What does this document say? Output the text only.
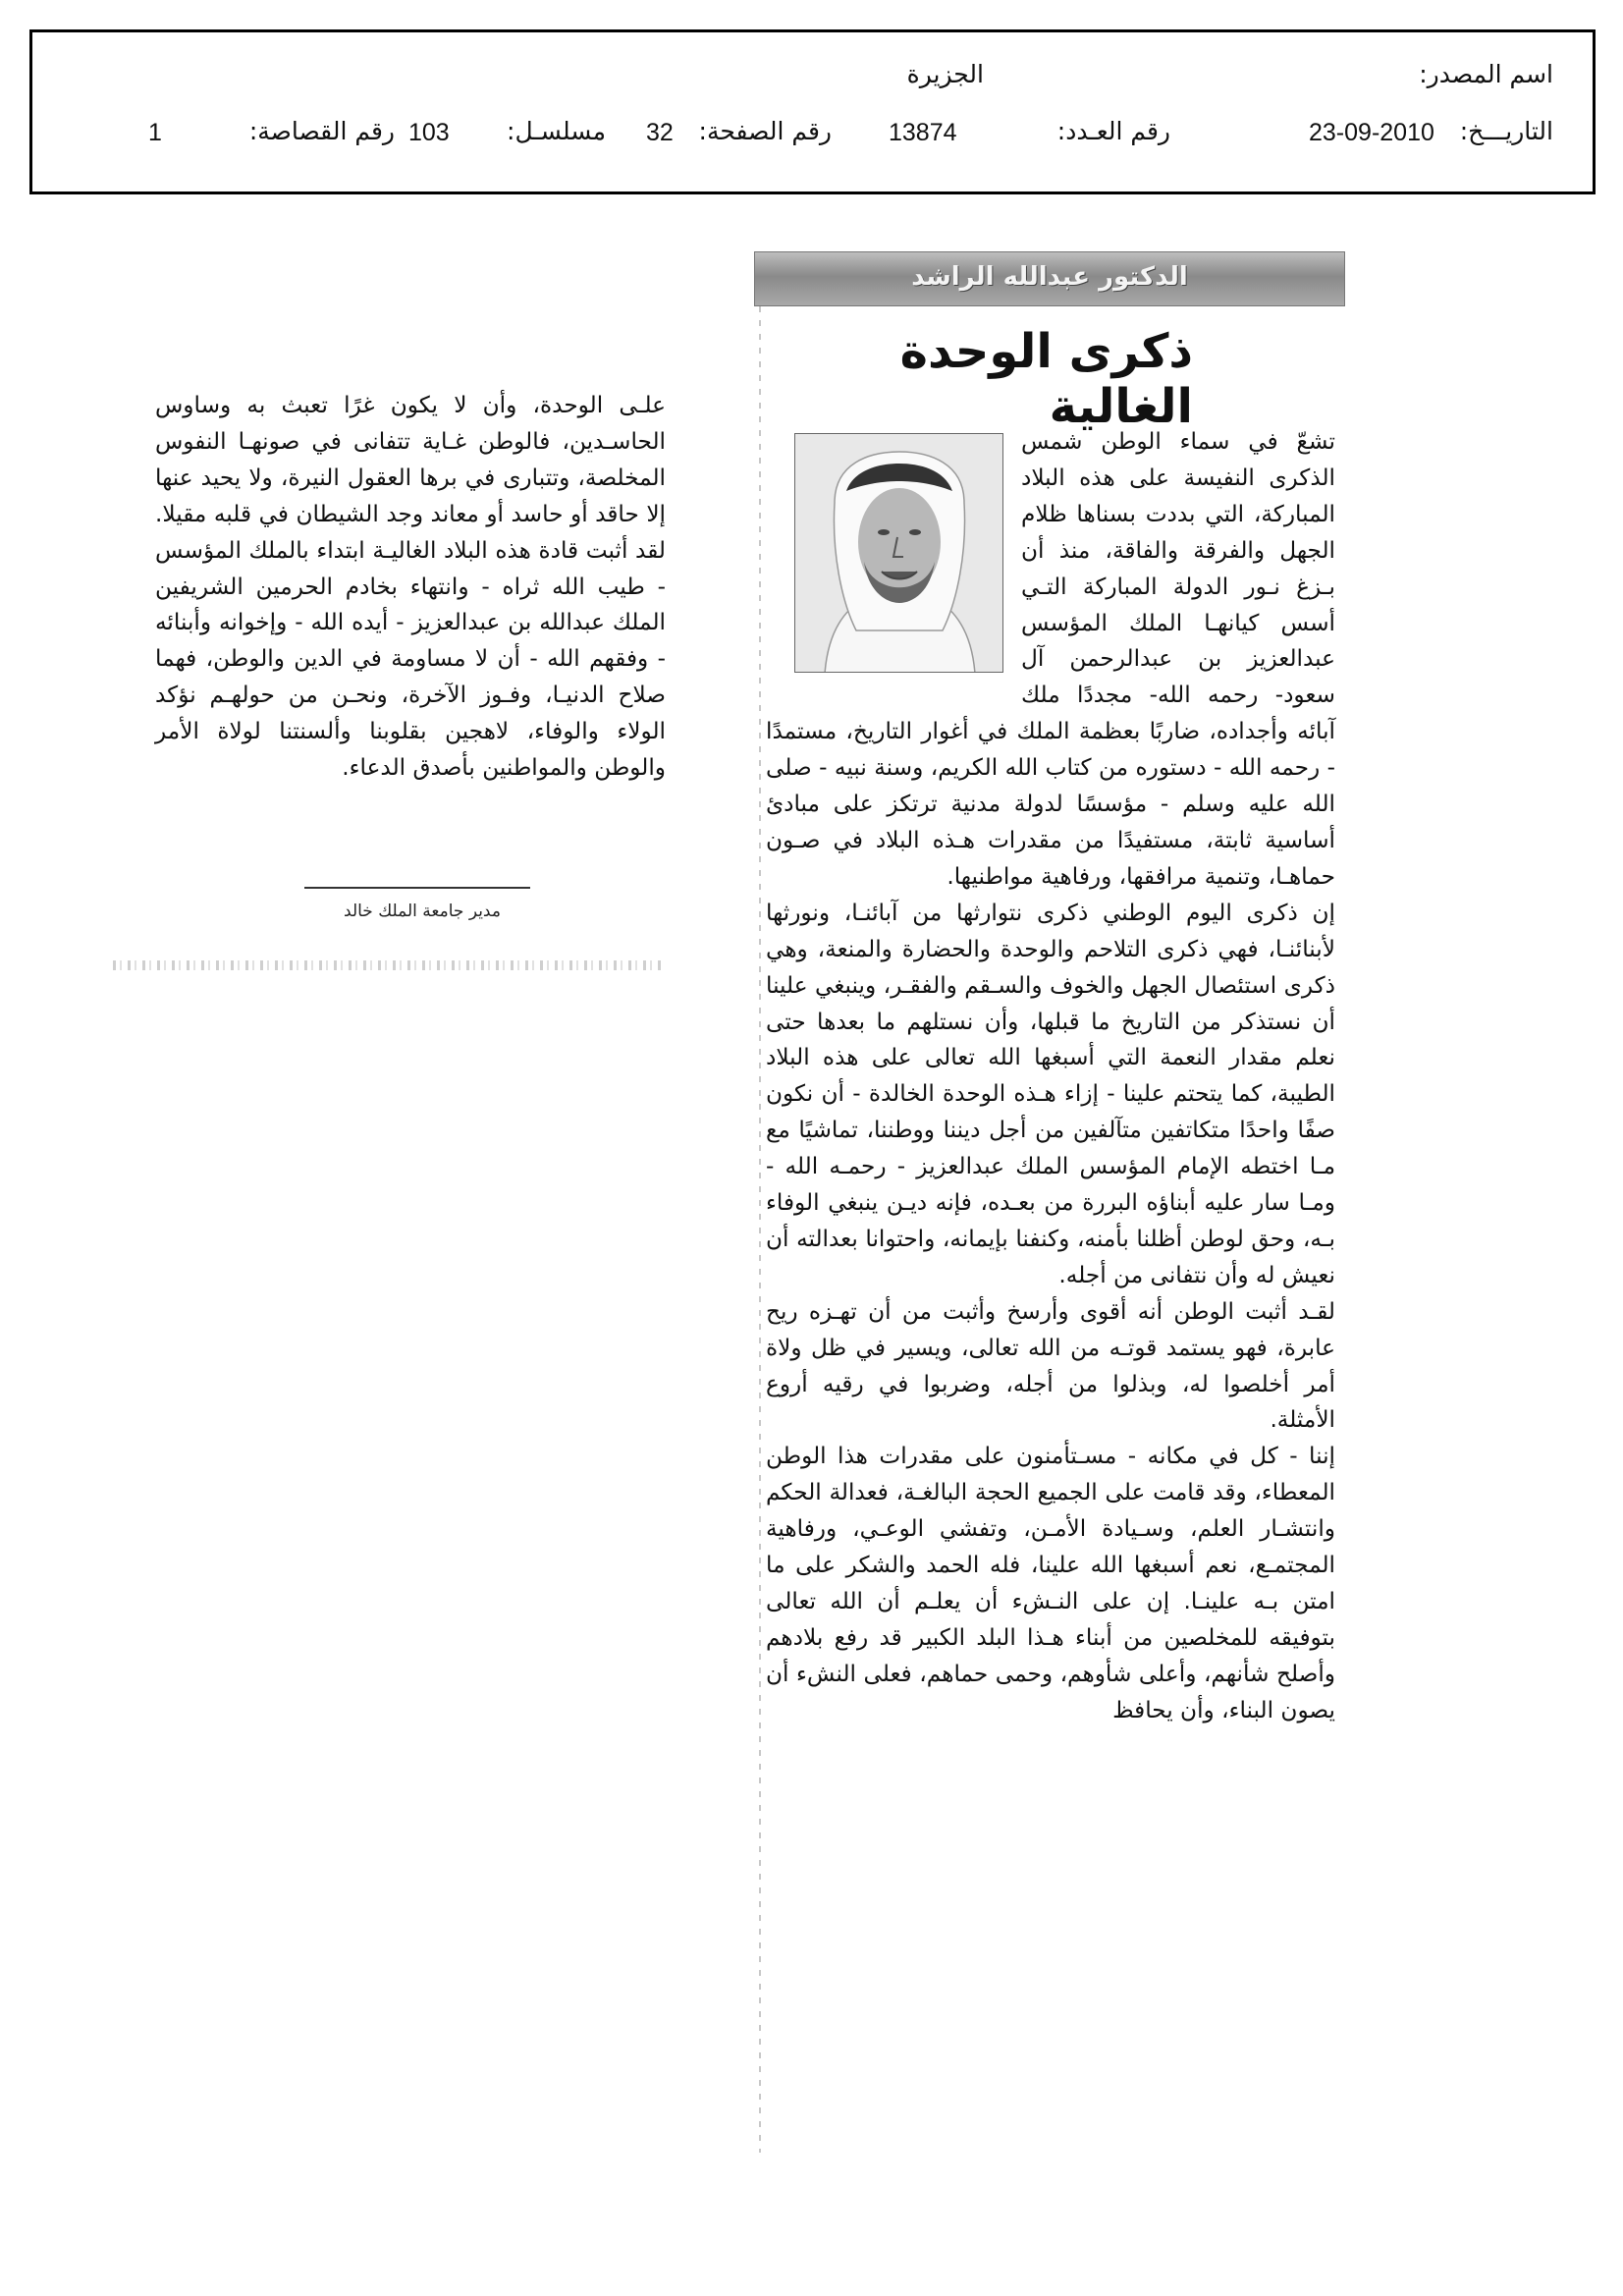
اسم المصدر:
الجزيرة
التاريـــخ:
23-09-2010
رقم العـدد:
13874
رقم الصفحة:
32
مسلسـل:
103
رقم القصاصة:
1
الدكتور عبدالله الراشد
ذكرى الوحدة الغالية

تشعّ في سماء الوطن شمس الذكرى النفيسة على هذه البلاد المباركة، التي بددت بسناها ظلام الجهل والفرقة والفاقة، منذ أن بـزغ نـور الدولة المباركة التـي أسس كيانهـا الملك المؤسس عبدالعزيز بن عبدالرحمن آل سعود- رحمه الله- مجددًا ملك آبائه وأجداده، ضاربًا بعظمة الملك في أغوار التاريخ، مستمدًا - رحمه الله - دستوره من كتاب الله الكريم، وسنة نبيه - صلى الله عليه وسلم - مؤسسًا لدولة مدنية ترتكز على مبادئ أساسية ثابتة، مستفيدًا من مقدرات هـذه البلاد في صـون حماهـا، وتنمية مرافقها، ورفاهية مواطنيها.

إن ذكرى اليوم الوطني ذكرى نتوارثها من آبائنـا، ونورثها لأبنائنـا، فهي ذكرى التلاحم والوحدة والحضارة والمنعة، وهي ذكرى استئصال الجهل والخوف والسـقم والفقـر، وينبغي علينا أن نستذكر من التاريخ ما قبلها، وأن نستلهم ما بعدها حتى نعلم مقدار النعمة التي أسبغها الله تعالى على هذه البلاد الطيبة، كما يتحتم علينا - إزاء هـذه الوحدة الخالدة - أن نكون صفًا واحدًا متكاتفين متآلفين من أجل ديننا ووطننا، تماشيًا مع مـا اختطه الإمام المؤسس الملك عبدالعزيز - رحمـه الله - ومـا سار عليه أبناؤه البررة من بعـده، فإنه ديـن ينبغي الوفاء بـه، وحق لوطن أظلنا بأمنه، وكنفنا بإيمانه، واحتوانا بعدالته أن نعيش له وأن نتفانى من أجله.

لقـد أثبت الوطن أنه أقوى وأرسخ وأثبت من أن تهـزه ريح عابرة، فهو يستمد قوتـه من الله تعالى، ويسير في ظل ولاة أمر أخلصوا له، وبذلوا من أجله، وضربوا في رقيه أروع الأمثلة.

إننا - كل في مكانه - مسـتأمنون على مقدرات هذا الوطن المعطاء، وقد قامت على الجميع الحجة البالغـة، فعدالة الحكم وانتشـار العلم، وسـيادة الأمـن، وتفشي الوعـي، ورفاهية المجتمـع، نعم أسبغها الله علينا، فله الحمد والشكر على ما امتن بـه علينـا. إن على النـشء أن يعلـم أن الله تعالى بتوفيقه للمخلصين من أبناء هـذا البلد الكبير قد رفع بلادهم وأصلح شأنهم، وأعلى شأوهم، وحمى حماهم، فعلى النشء أن يصون البناء، وأن يحافظ

علـى الوحدة، وأن لا يكون غرًا تعبث به وساوس الحاسـدين، فالوطن غـاية تتفانى في صونهـا النفوس المخلصة، وتتبارى في برها العقول النيرة، ولا يحيد عنها إلا حاقد أو حاسد أو معاند وجد الشيطان في قلبه مقيلا. لقد أثبت قادة هذه البلاد الغاليـة ابتداء بالملك المؤسس - طيب الله ثراه - وانتهاء بخادم الحرمين الشريفين الملك عبدالله بن عبدالعزيز - أيده الله - وإخوانه وأبنائه - وفقهم الله - أن لا مساومة في الدين والوطن، فهما صلاح الدنيـا، وفـوز الآخرة، ونحـن من حولهـم نؤكد الولاء والوفاء، لاهجين بقلوبنا وألسنتنا لولاة الأمر والوطن والمواطنين بأصدق الدعاء.

مدير جامعة الملك خالد
